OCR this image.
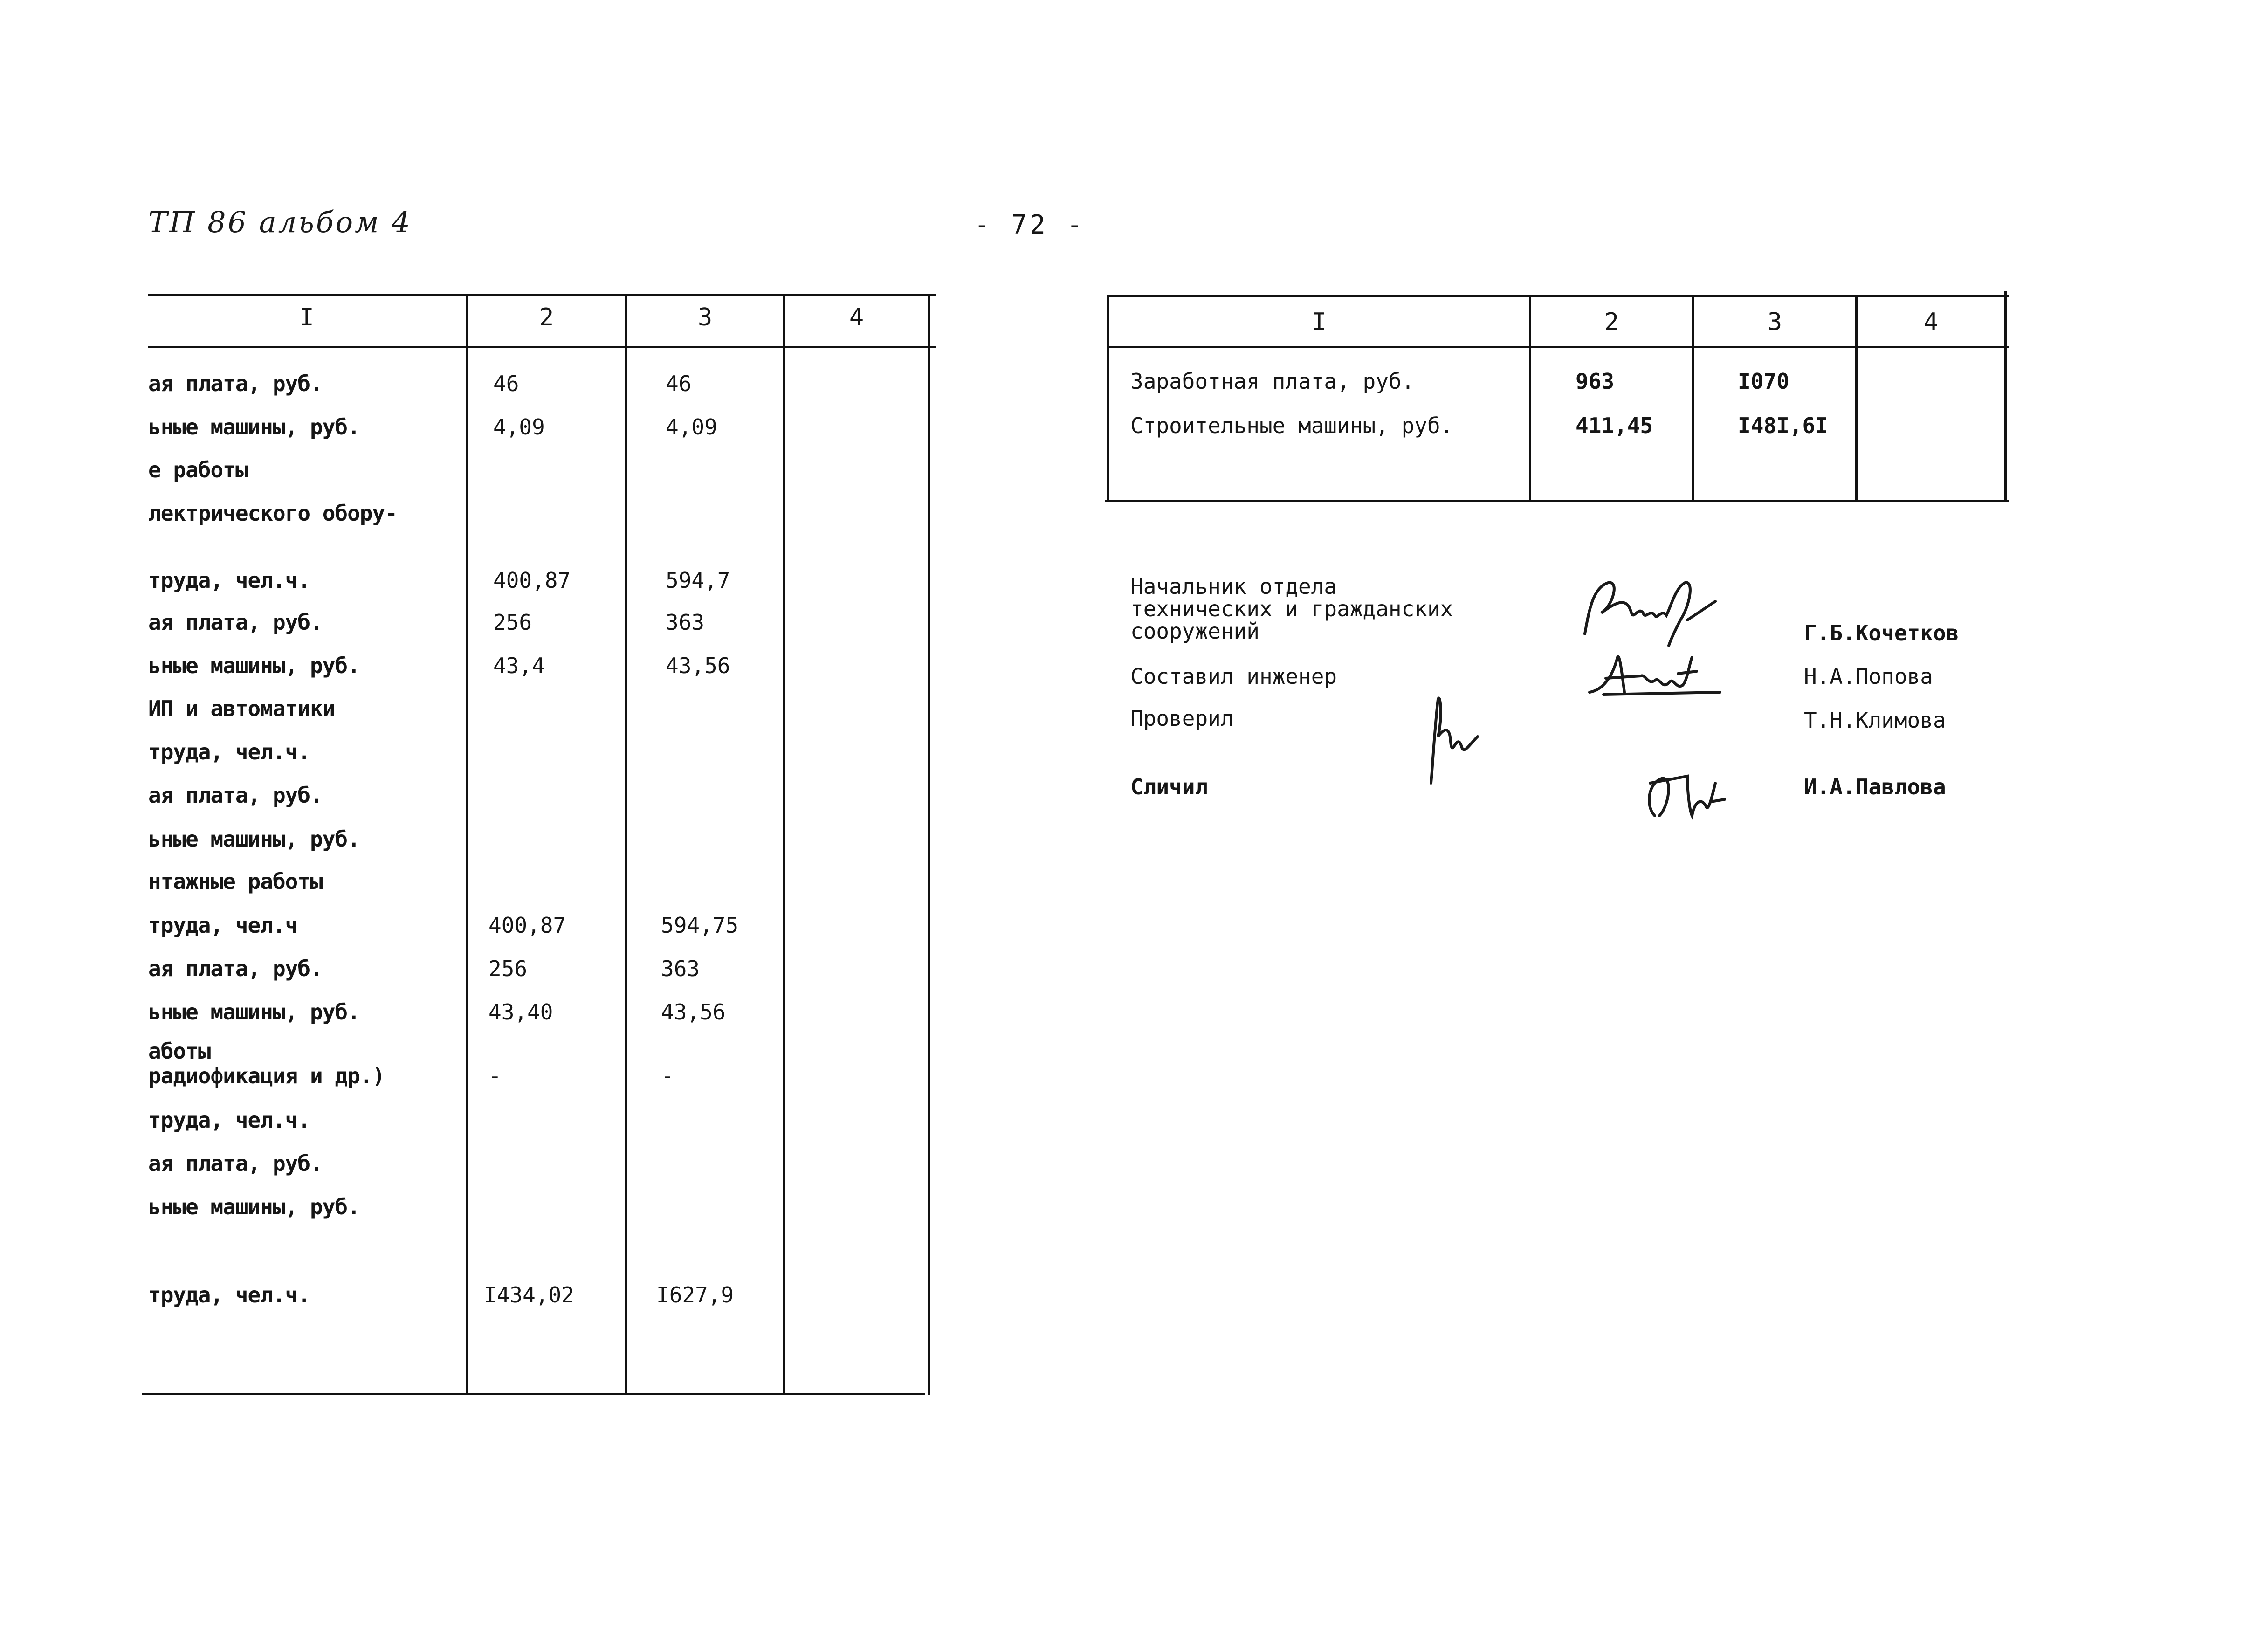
ТП 86 альбом 4	- 72 -
I	2	3	4
ая плата, руб.	46	46
ьные машины, руб.	4,09	4,09
е работы
лектрического обору-
труда, чел.ч.	400,87	594,7
ая плата, руб.	256	363
ьные машины, руб.	43,4	43,56
ИП и автоматики
труда, чел.ч.
ая плата, руб.
ьные машины, руб.
нтажные работы
труда, чел.ч	400,87	594,75
ая плата, руб.	256	363
ьные машины, руб.	43,40	43,56
аботы
радиофикация и др.)	-	-
труда, чел.ч.
ая плата, руб.
ьные машины, руб.
труда, чел.ч.	I434,02	I627,9
I	2	3	4
Заработная плата, руб.	963	I070
Строительные машины, руб.	411,45	I48I,6I
Начальник отдела
технических и гражданских
сооружений	Г.Б.Кочетков
Составил инженер	Н.А.Попова
Проверил	Т.Н.Климова
Сличил	И.А.Павлова
